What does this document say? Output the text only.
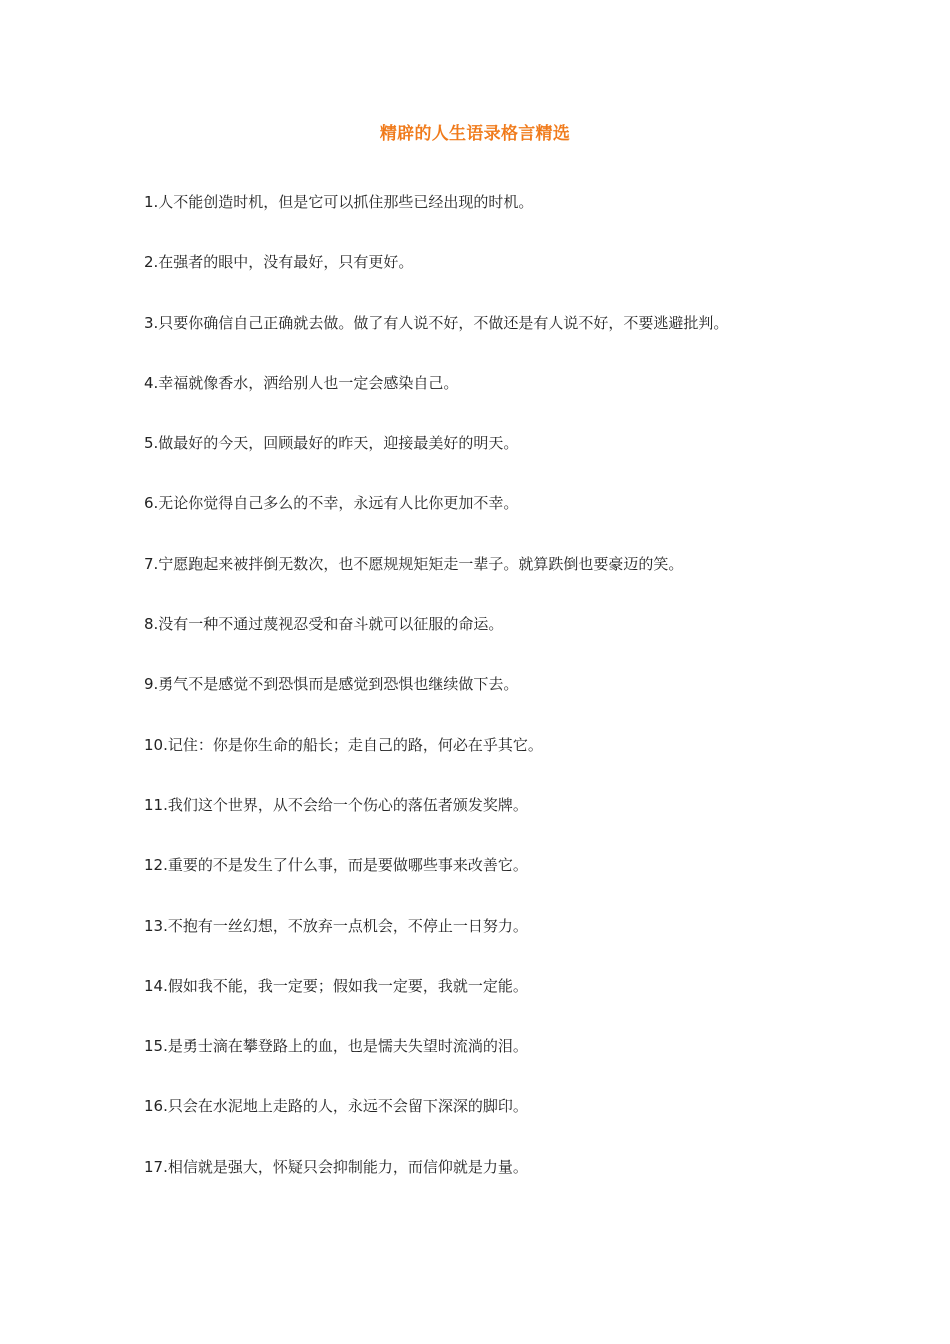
精辟的人生语录格言精选
1.人不能创造时机，但是它可以抓住那些已经出现的时机。
2.在强者的眼中，没有最好，只有更好。
3.只要你确信自己正确就去做。做了有人说不好，不做还是有人说不好，不要逃避批判。
4.幸福就像香水，洒给别人也一定会感染自己。
5.做最好的今天，回顾最好的昨天，迎接最美好的明天。
6.无论你觉得自己多么的不幸，永远有人比你更加不幸。
7.宁愿跑起来被拌倒无数次，也不愿规规矩矩走一辈子。就算跌倒也要豪迈的笑。
8.没有一种不通过蔑视忍受和奋斗就可以征服的命运。
9.勇气不是感觉不到恐惧而是感觉到恐惧也继续做下去。
10.记住：你是你生命的船长；走自己的路，何必在乎其它。
11.我们这个世界，从不会给一个伤心的落伍者颁发奖牌。
12.重要的不是发生了什么事，而是要做哪些事来改善它。
13.不抱有一丝幻想，不放弃一点机会，不停止一日努力。
14.假如我不能，我一定要；假如我一定要，我就一定能。
15.是勇士滴在攀登路上的血，也是懦夫失望时流淌的泪。
16.只会在水泥地上走路的人，永远不会留下深深的脚印。
17.相信就是强大，怀疑只会抑制能力，而信仰就是力量。
